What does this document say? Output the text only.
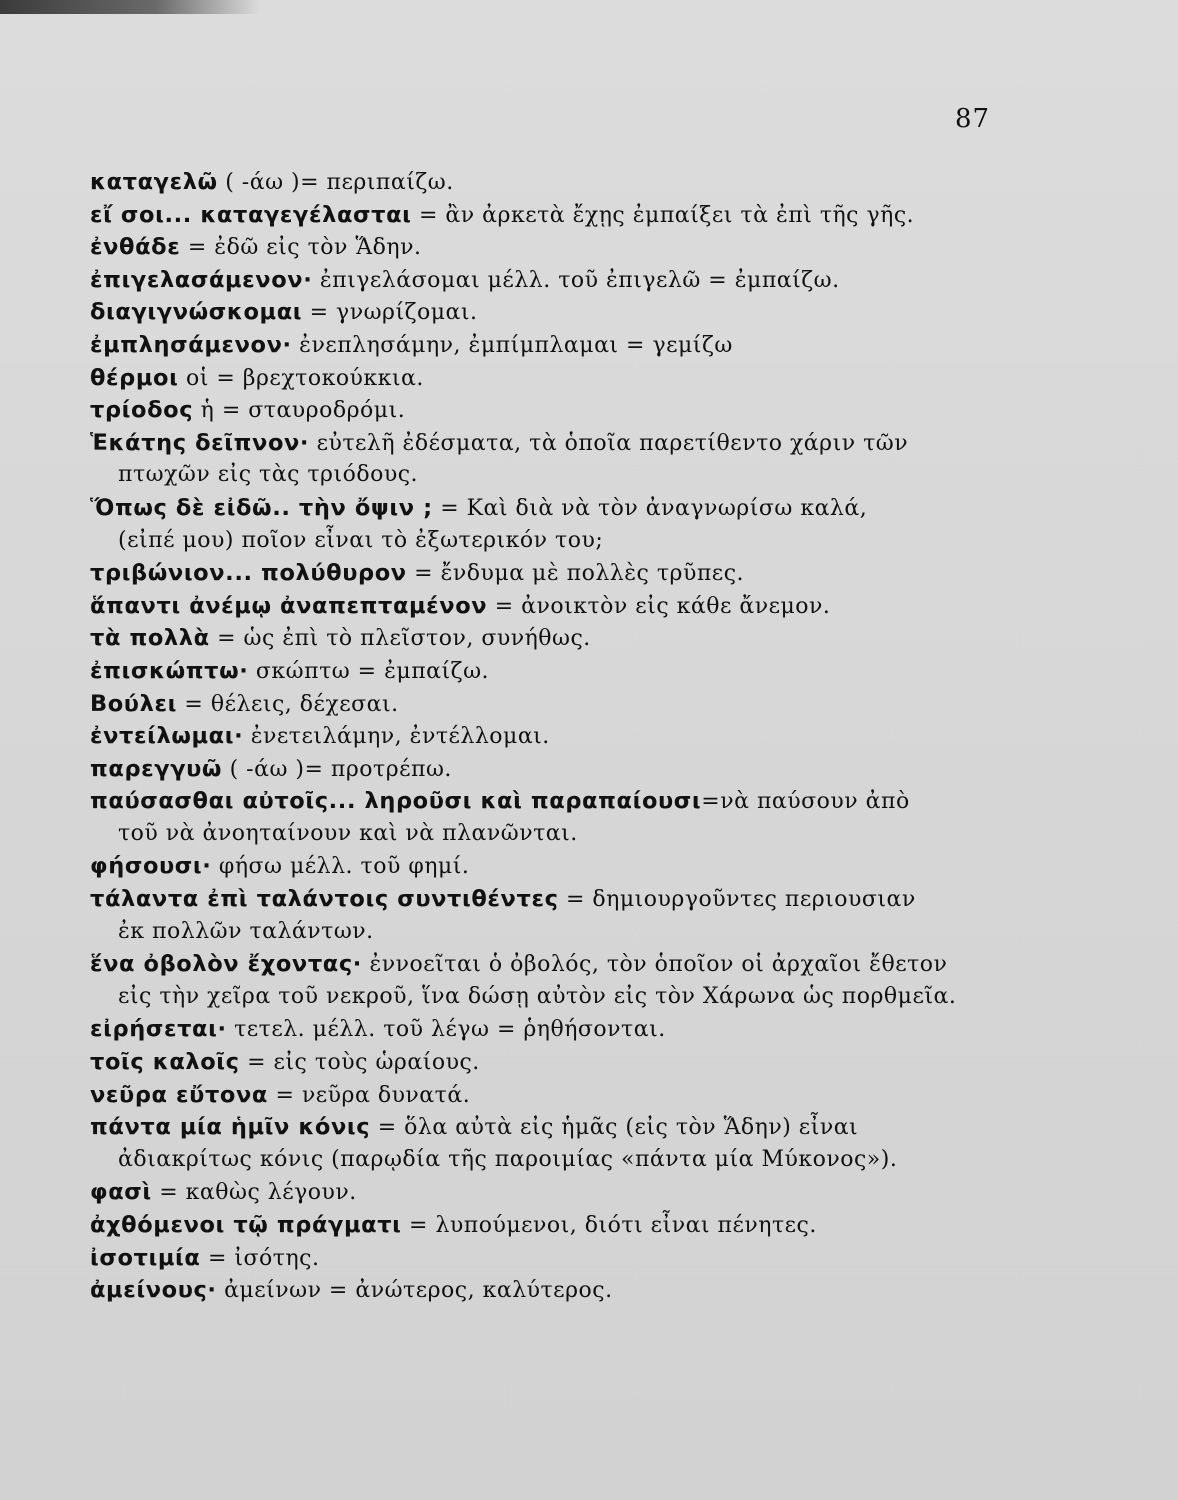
87
καταγελῶ ( -άω )= περιπαίζω.
εἴ σοι... καταγεγέλασται = ἂν ἀρκετὰ ἔχῃς ἐμπαίξει τὰ ἐπὶ τῆς γῆς.
ἐνθάδε = ἐδῶ εἰς τὸν Ἅδην.
ἐπιγελασάμενον· ἐπιγελάσομαι μέλλ. τοῦ ἐπιγελῶ = ἐμπαίζω.
διαγιγνώσκομαι = γνωρίζομαι.
ἐμπλησάμενον· ἐνεπλησάμην, ἐμπίμπλαμαι = γεμίζω
θέρμοι οἱ = βρεχτοκούκκια.
τρίοδος ἡ = σταυροδρόμι.
Ἑκάτης δεῖπνον· εὐτελῆ ἐδέσματα, τὰ ὁποῖα παρετίθεντο χάριν τῶν
πτωχῶν εἰς τὰς τριόδους.
Ὅπως δὲ εἰδῶ.. τὴν ὄψιν ; = Καὶ διὰ νὰ τὸν ἀναγνωρίσω καλά,
(εἰπέ μου) ποῖον εἶναι τὸ ἐξωτερικόν του;
τριβώνιον... πολύθυρον = ἔνδυμα μὲ πολλὲς τρῦπες.
ἅπαντι ἀνέμῳ ἀναπεπταμένον = ἀνοικτὸν εἰς κάθε ἄνεμον.
τὰ πολλὰ = ὡς ἐπὶ τὸ πλεῖστον, συνήθως.
ἐπισκώπτω· σκώπτω = ἐμπαίζω.
Βούλει = θέλεις, δέχεσαι.
ἐντείλωμαι· ἐνετειλάμην, ἐντέλλομαι.
παρεγγυῶ ( -άω )= προτρέπω.
παύσασθαι αὐτοῖς... ληροῦσι καὶ παραπαίουσι=νὰ παύσουν ἀπὸ
τοῦ νὰ ἀνοηταίνουν καὶ νὰ πλανῶνται.
φήσουσι· φήσω μέλλ. τοῦ φημί.
τάλαντα ἐπὶ ταλάντοις συντιθέντες = δημιουργοῦντες περιουσιαν
ἐκ πολλῶν ταλάντων.
ἕνα ὀβολὸν ἔχοντας· ἐννοεῖται ὁ ὀβολός, τὸν ὁποῖον οἱ ἀρχαῖοι ἔθετον
εἰς τὴν χεῖρα τοῦ νεκροῦ, ἵνα δώσῃ αὐτὸν εἰς τὸν Χάρωνα ὡς πορθμεῖα.
εἰρήσεται· τετελ. μέλλ. τοῦ λέγω = ῥηθήσονται.
τοῖς καλοῖς = εἰς τοὺς ὡραίους.
νεῦρα εὔτονα = νεῦρα δυνατά.
πάντα μία ἡμῖν κόνις = ὅλα αὐτὰ εἰς ἡμᾶς (εἰς τὸν Ἅδην) εἶναι
ἀδιακρίτως κόνις (παρῳδία τῆς παροιμίας «πάντα μία Μύκονος»).
φασὶ = καθὼς λέγουν.
ἀχθόμενοι τῷ πράγματι = λυπούμενοι, διότι εἶναι πένητες.
ἰσοτιμία = ἰσότης.
ἀμείνους· ἀμείνων = ἀνώτερος, καλύτερος.
